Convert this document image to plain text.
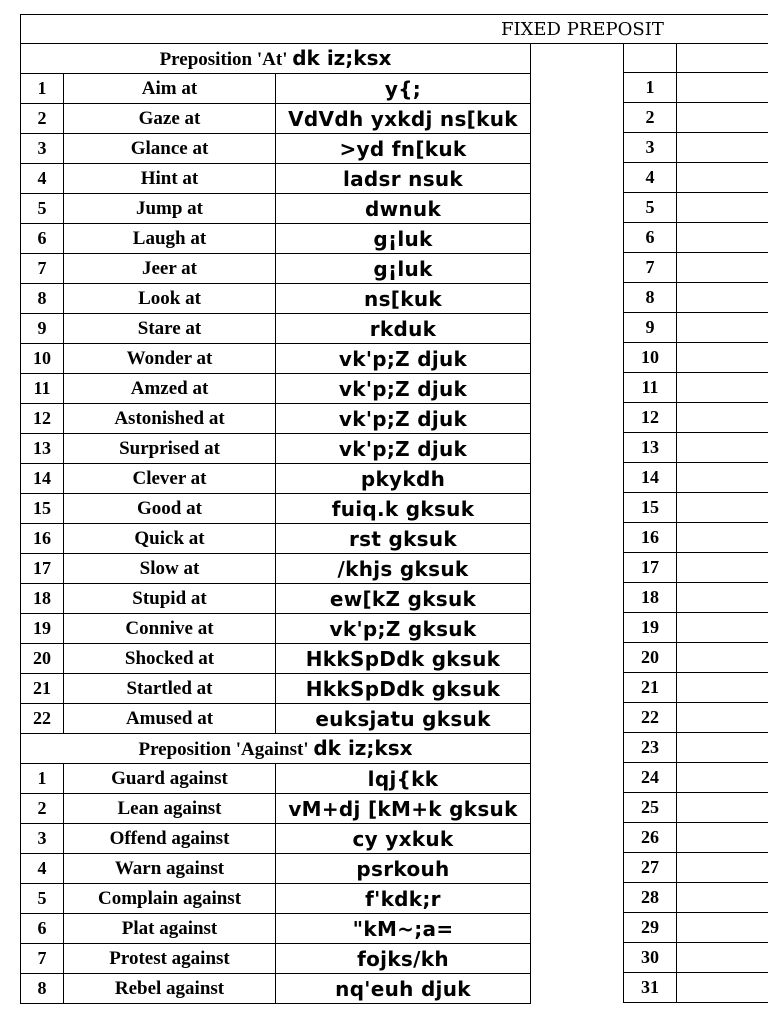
FIXED PREPOSIT
Preposition 'At' dk iz;ksx		
1	Aim at	y{;
2	Gaze at	VdVdh yxkdj ns[kuk
3	Glance at	>yd fn[kuk
4	Hint at	ladsr nsuk
5	Jump at	dwnuk
6	Laugh at	g¡luk
7	Jeer at	g¡luk
8	Look at	ns[kuk
9	Stare at	rkduk
10	Wonder at	vk'p;Z djuk
11	Amzed at	vk'p;Z djuk
12	Astonished at	vk'p;Z djuk
13	Surprised at	vk'p;Z djuk
14	Clever at	pkykdh
15	Good at	fuiq.k gksuk
16	Quick at	rst gksuk
17	Slow at	/khjs gksuk
18	Stupid at	ew[kZ gksuk
19	Connive at	vk'p;Z gksuk
20	Shocked at	HkkSpDdk gksuk
21	Startled at	HkkSpDdk gksuk
22	Amused at	euksjatu gksuk
Preposition 'Against' dk iz;ksx		
1	Guard against	lqj{kk
2	Lean against	vM+dj [kM+k gksuk
3	Offend against	cy yxkuk
4	Warn against	psrkouh
5	Complain against	f'kdk;r
6	Plat against	"kM~;a=
7	Protest against	fojks/kh
8	Rebel against	nq'euh djuk

1	
2	
3	
4	
5	
6	
7	
8	
9	
10	
11	
12	
13	
14	
15	
16	
17	
18	
19	
20	
21	
22	
23	
24	
25	
26	
27	
28	
29	
30	
31	
